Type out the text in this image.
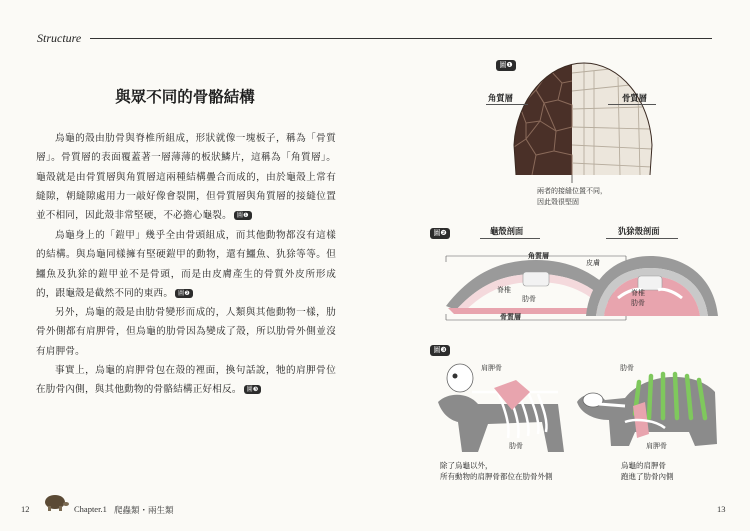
Structure
與眾不同的骨骼結構
烏龜的殼由肋骨與脊椎所組成，形狀就像一塊板子，稱為「骨質層」。骨質層的表面覆蓋著一層薄薄的板狀鱗片，這稱為「角質層」。龜殼就是由骨質層與角質層這兩種結構疊合而成的，由於龜殼上常有縫隙，朝縫隙處用力一敲好像會裂開，但骨質層與角質層的接縫位置並不相同，因此殼非常堅硬，不必擔心龜裂。 圖❶
烏龜身上的「鎧甲」幾乎全由骨頭組成，而其他動物都沒有這樣的結構。與烏龜同樣擁有堅硬鎧甲的動物，還有鱷魚、犰狳等等。但鱷魚及犰狳的鎧甲並不是骨頭，而是由皮膚產生的骨質外皮所形成的，跟龜殼是截然不同的東西。 圖❷
另外，烏龜的殼是由肋骨變形而成的，人類與其他動物一樣，肋骨外側都有肩胛骨，但烏龜的肋骨因為變成了殼，所以肋骨外側並沒有肩胛骨。
事實上，烏龜的肩胛骨包在殼的裡面，換句話說，牠的肩胛骨位在肋骨內側，與其他動物的骨骼結構正好相反。 圖❸
圖❶
角質層	骨質層
兩者的接縫位置不同，
因此殼很堅固
圖❷	龜殼剖面	犰狳殼剖面
角質層
脊椎
肋骨
骨質層
皮膚
脊椎
肋骨
圖❸
肩胛骨
肋骨
肋骨
肩胛骨
除了烏龜以外，
所有動物的肩胛骨都位在肋骨外側
烏龜的肩胛骨
跑進了肋骨內側
12	Chapter.1 爬蟲類・兩生類	13
